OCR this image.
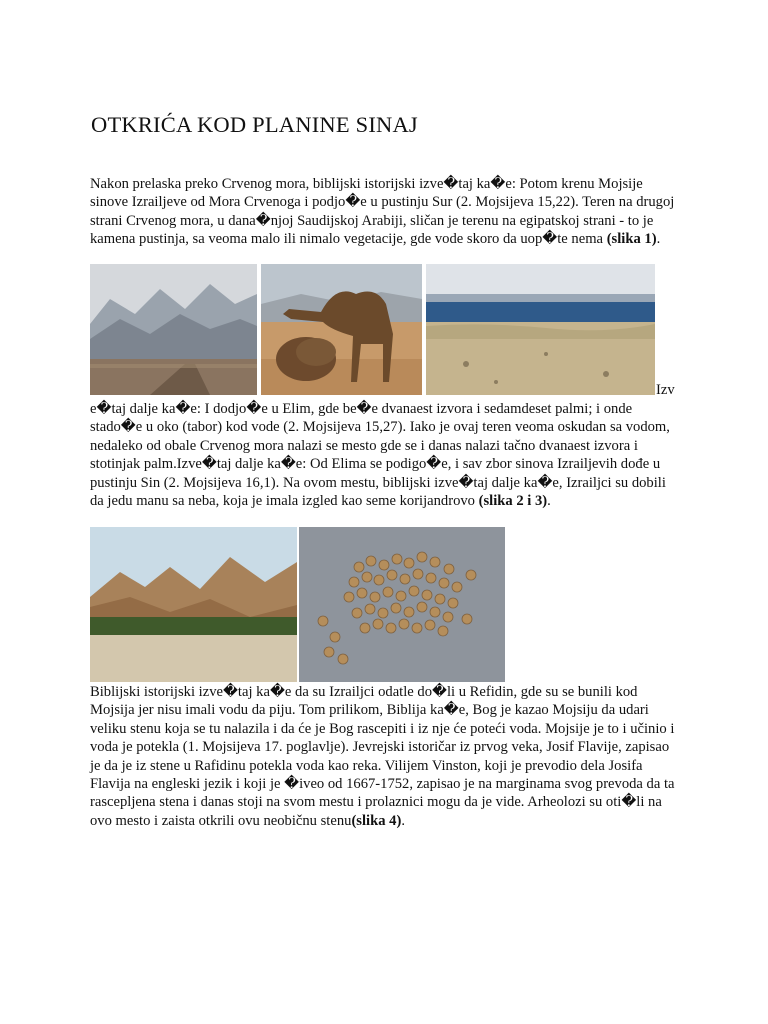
OTKRIĆA KOD PLANINE SINAJ

Nakon prelaska preko Crvenog mora, biblijski istorijski izve�taj ka�e: Potom krenu Mojsije sinove Izrailjeve od Mora Crvenoga i podjo�e u pustinju Sur (2. Mojsijeva 15,22). Teren na drugoj strani Crvenog mora, u dana�njoj Saudijskoj Arabiji, sličan je terenu na egipatskoj strani - to je kamena pustinja, sa veoma malo ili nimalo vegetacije, gde vode skoro da uop�te nema (slika 1).

Izv

e�taj dalje ka�e: I dodjo�e u Elim, gde be�e dvanaest izvora i sedamdeset palmi; i onde stado�e u oko (tabor) kod vode (2. Mojsijeva 15,27). Iako je ovaj teren veoma oskudan sa vodom, nedaleko od obale Crvenog mora nalazi se mesto gde se i danas nalazi tačno dvanaest izvora i stotinjak palm.Izve�taj dalje ka�e: Od Elima se podigo�e, i sav zbor sinova Izrailjevih dođe u pustinju Sin (2. Mojsijeva 16,1). Na ovom mestu, biblijski izve�taj dalje ka�e, Izrailjci su dobili da jedu manu sa neba, koja je imala izgled kao seme korijandrovo (slika 2 i 3).

Biblijski istorijski izve�taj ka�e da su Izrailjci odatle do�li u Refidin, gde su se bunili kod Mojsija jer nisu imali vodu da piju. Tom prilikom, Biblija ka�e, Bog je kazao Mojsiju da udari veliku stenu koja se tu nalazila i da će je Bog rascepiti i iz nje će poteći voda. Mojsije je to i učinio i voda je potekla (1. Mojsijeva 17. poglavlje). Jevrejski istoričar iz prvog veka, Josif Flavije, zapisao je da je iz stene u Rafidinu potekla voda kao reka. Vilijem Vinston, koji je prevodio dela Josifa Flavija na engleski jezik i koji je �iveo od 1667-1752, zapisao je na marginama svog prevoda da ta rascepljena stena i danas stoji na svom mestu i prolaznici mogu da je vide. Arheolozi su oti�li na ovo mesto i zaista otkrili ovu neobičnu stenu(slika 4).
